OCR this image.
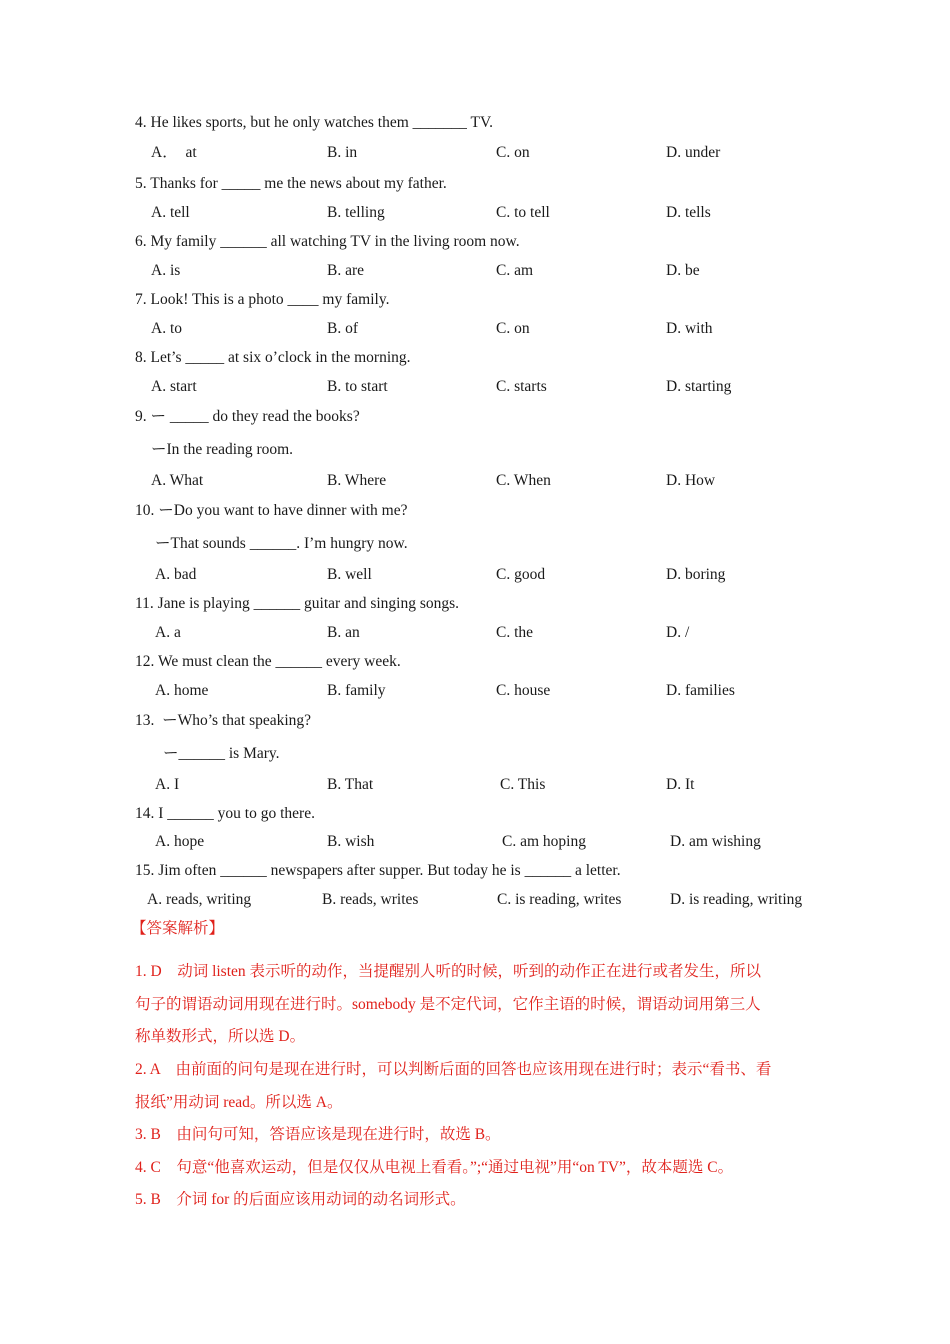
4. He likes sports, but he only watches them _______ TV.
A．  at	B. in	C. on	D. under
5. Thanks for _____ me the news about my father.
A. tell	B. telling	C. to tell	D. tells
6. My family ______ all watching TV in the living room now.
A. is	B. are	C. am	D. be
7. Look! This is a photo ____ my family.
A. to	B. of	C. on	D. with
8. Let’s _____ at six o’clock in the morning.
A. start	B. to start	C. starts	D. starting
9. ー _____ do they read the books?
ーIn the reading room.
A. What	B. Where	C. When	D. How
10. ーDo you want to have dinner with me?
ーThat sounds ______. I’m hungry now.
A. bad	B. well	C. good	D. boring
11. Jane is playing ______ guitar and singing songs.
A. a	B. an	C. the	D. /
12. We must clean the ______ every week.
A. home	B. family	C. house	D. families
13.  ーWho’s that speaking?
ー______ is Mary.
A. I	B. That	C. This	D. It
14. I ______ you to go there.
A. hope	B. wish	C. am hoping	D. am wishing
15. Jim often ______ newspapers after supper. But today he is ______ a letter.
A. reads, writing	B. reads, writes	C. is reading, writes	D. is reading, writing
【答案解析】
1. D    动词 listen 表示听的动作，当提醒别人听的时候，听到的动作正在进行或者发生，所以
句子的谓语动词用现在进行时。somebody 是不定代词，它作主语的时候，谓语动词用第三人
称单数形式，所以选 D。
2. A    由前面的问句是现在进行时，可以判断后面的回答也应该用现在进行时；表示“看书、看
报纸”用动词 read。所以选 A。
3. B    由问句可知，答语应该是现在进行时，故选 B。
4. C    句意“他喜欢运动，但是仅仅从电视上看看。”;“通过电视”用“on TV”，故本题选 C。
5. B    介词 for 的后面应该用动词的动名词形式。
